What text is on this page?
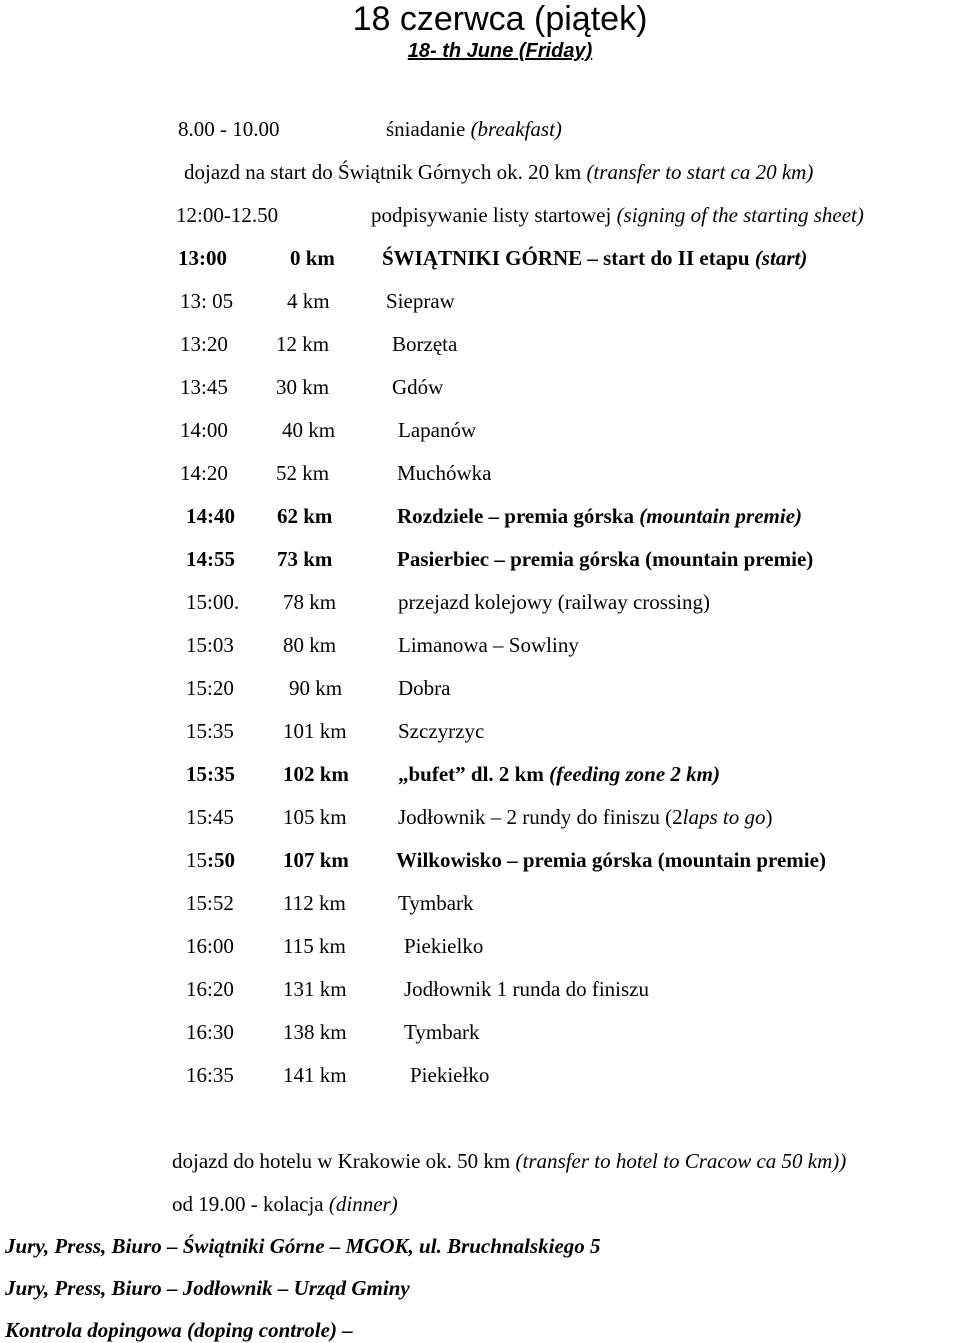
18 czerwca (piątek)
18- th June (Friday)
8.00 - 10.00	śniadanie (breakfast)
dojazd na start do Świątnik Górnych ok. 20 km (transfer to start ca 20 km)
12:00-12.50	podpisywanie listy startowej (signing of the starting sheet)
13:00	0 km ŚWIĄTNIKI GÓRNE – start do II etapu (start)
13: 05	4 km	Siepraw
13:20 12 km	Borzęta
13:45 30 km	Gdów
14:00	40 km	Lapanów
14:20 52 km	Muchówka
14:40 62 km	Rozdziele – premia górska (mountain premie)
14:55 73 km	Pasierbiec – premia górska (mountain premie)
15:00. 78 km	przejazd kolejowy (railway crossing)
15:03 80 km	Limanowa – Sowliny
15:20	90 km	Dobra
15:35 101 km Szczyrzyc
15:35 102 km „bufet” dl. 2 km (feeding zone 2 km)
15:45 105 km Jodłownik – 2 rundy do finiszu (2laps to go)
15:50 107 km Wilkowisko – premia górska (mountain premie)
15:52 112 km Tymbark
16:00 115 km	Piekielko
16:20 131 km	Jodłownik 1 runda do finiszu
16:30 138 km	Tymbark
16:35 141 km	Piekiełko
dojazd do hotelu w Krakowie ok. 50 km (transfer to hotel to Cracow ca 50 km))
od 19.00 - kolacja (dinner)
Jury, Press, Biuro – Świątniki Górne – MGOK, ul. Bruchnalskiego 5
Jury, Press, Biuro – Jodłownik – Urząd Gminy
Kontrola dopingowa (doping controle) –
